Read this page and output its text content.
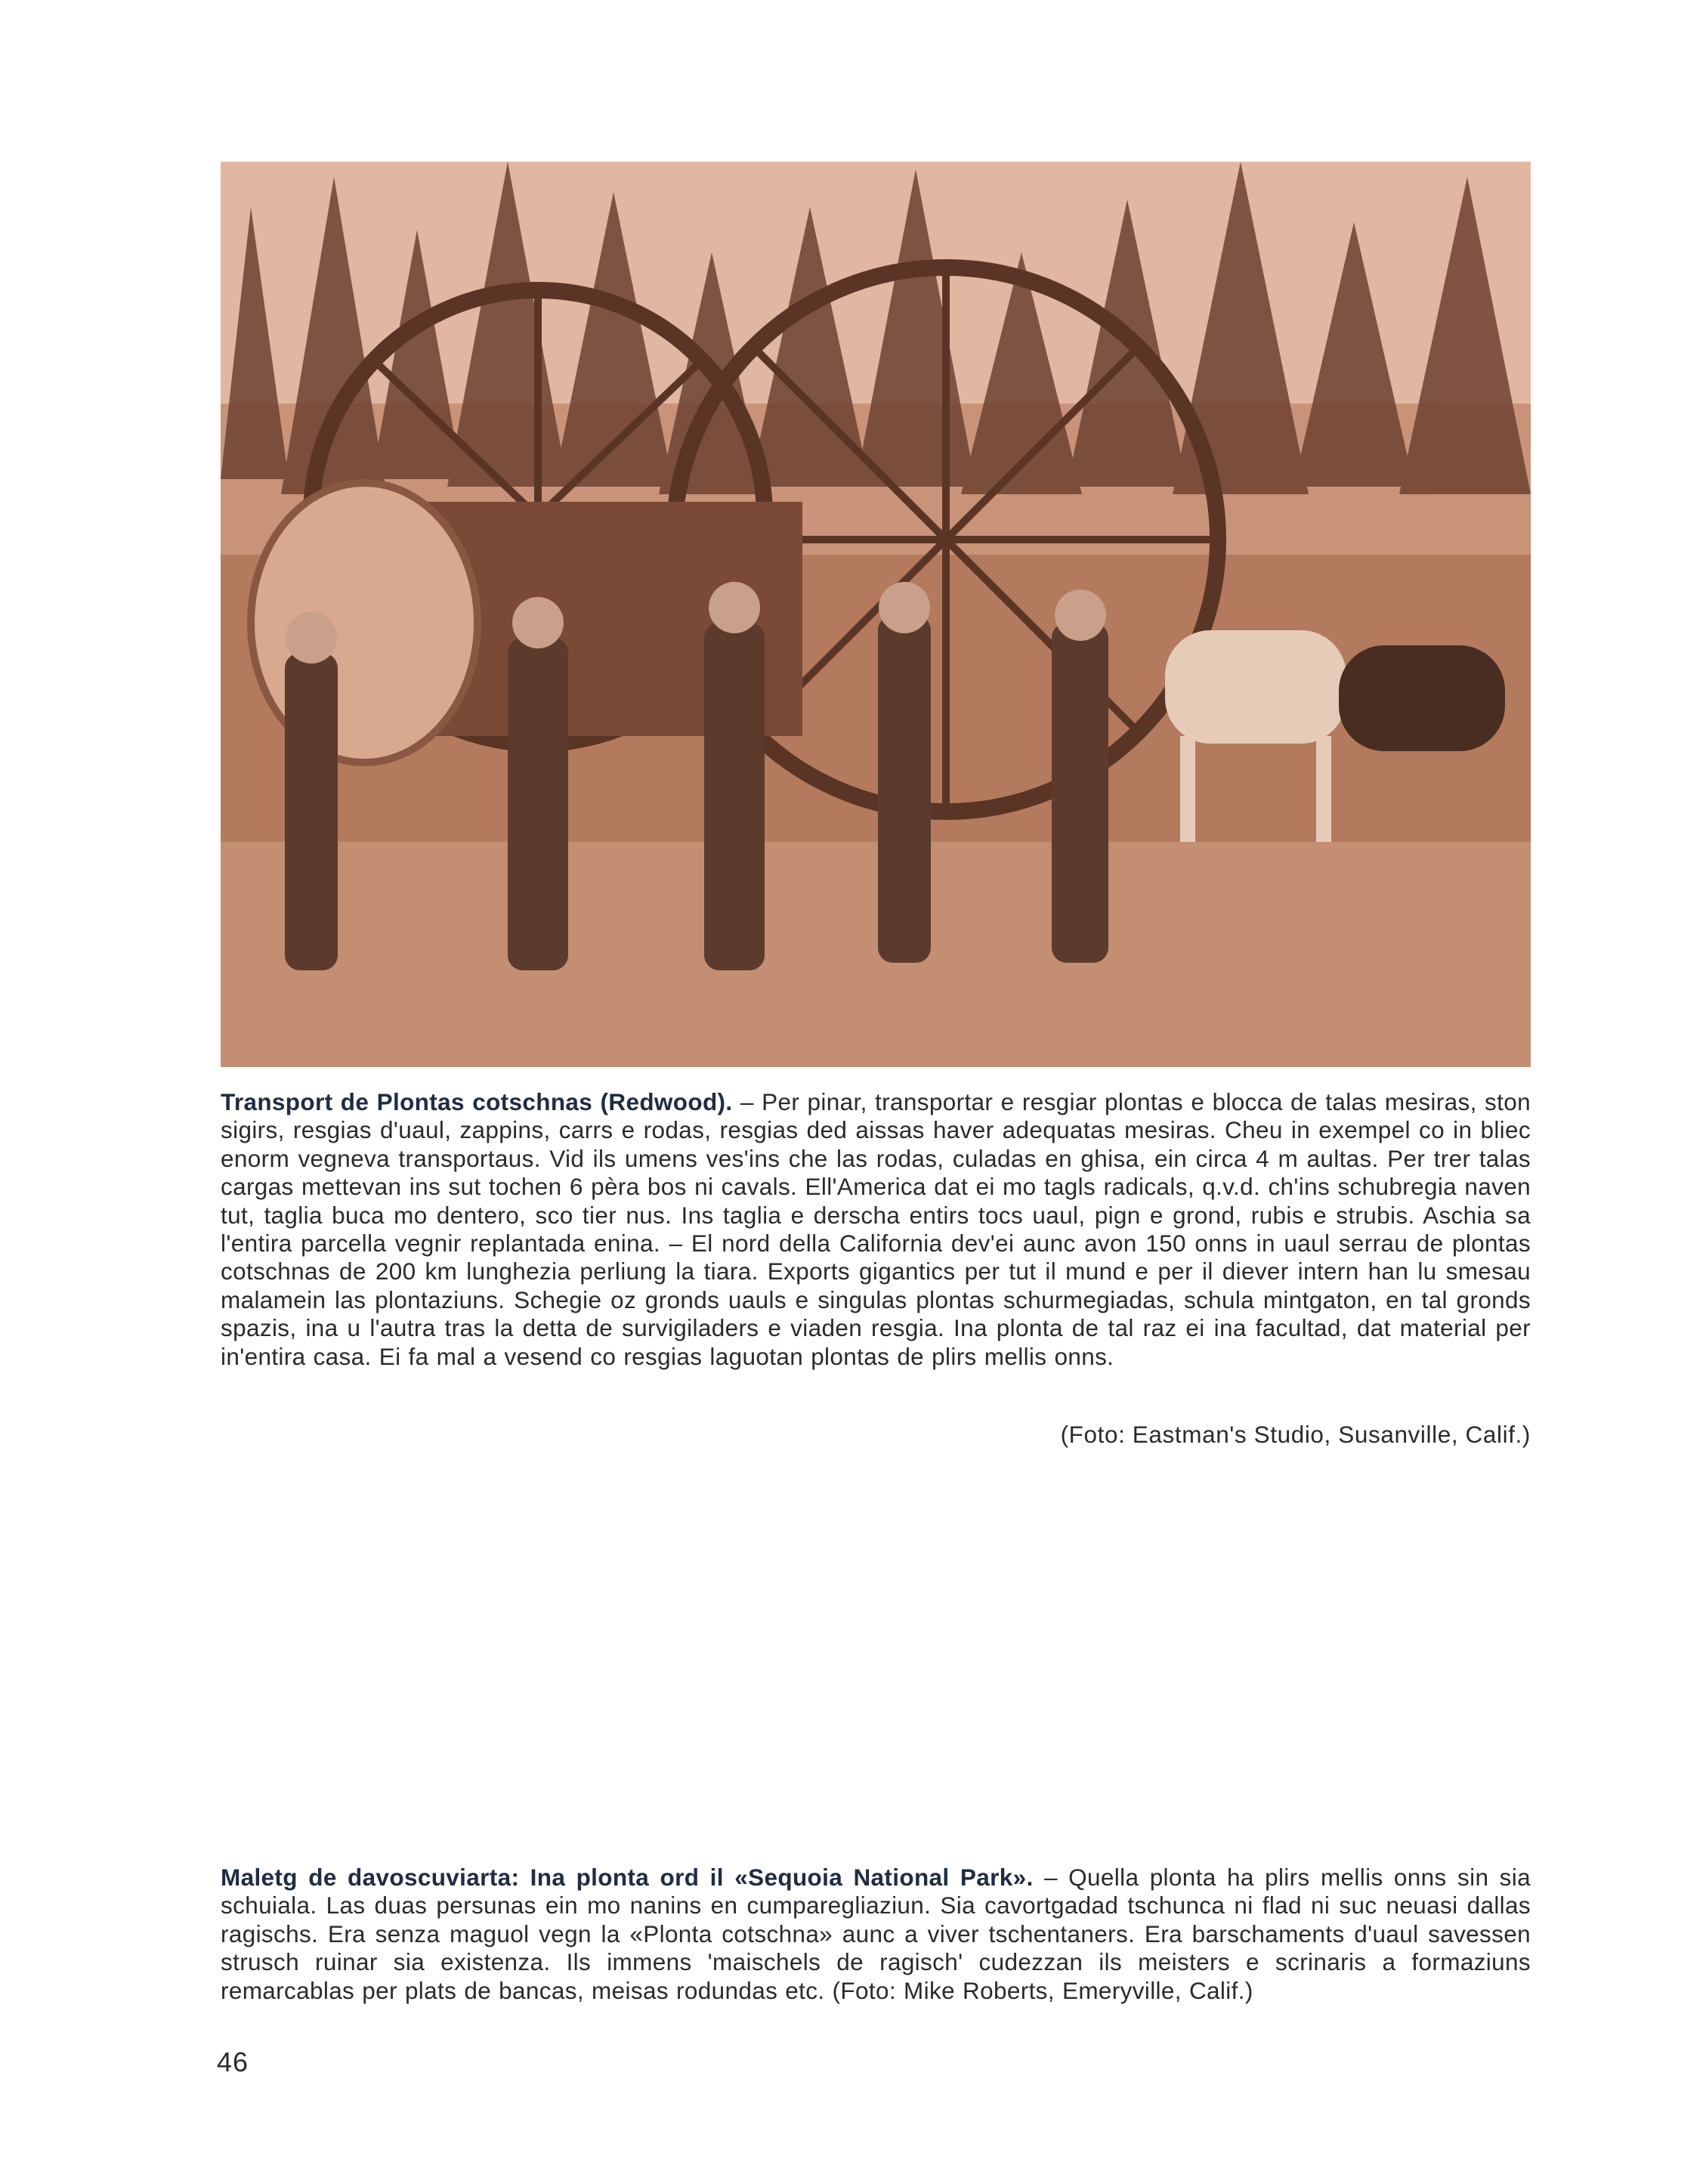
Transport de Plontas cotschnas (Redwood). – Per pinar, transportar e resgiar plontas e blocca de talas mesiras, ston sigirs, resgias d'uaul, zappins, carrs e rodas, resgias ded aissas haver adequatas mesiras. Cheu in exempel co in bliec enorm vegneva transportaus. Vid ils umens ves'ins che las rodas, culadas en ghisa, ein circa 4 m aultas. Per trer talas cargas mettevan ins sut tochen 6 pèra bos ni cavals. Ell'America dat ei mo tagls radicals, q.v.d. ch'ins schubregia naven tut, taglia buca mo dentero, sco tier nus. Ins taglia e derscha entirs tocs uaul, pign e grond, rubis e strubis. Aschia sa l'entira parcella vegnir replantada enina. – El nord della California dev'ei aunc avon 150 onns in uaul serrau de plontas cotschnas de 200 km lunghezia perliung la tiara. Exports gigantics per tut il mund e per il diever intern han lu smesau malamein las plontaziuns. Schegie oz gronds uauls e singulas plontas schurmegiadas, schula mintgaton, en tal gronds spazis, ina u l'autra tras la detta de survigiladers e viaden resgia. Ina plonta de tal raz ei ina facultad, dat material per in'entira casa. Ei fa mal a vesend co resgias laguotan plontas de plirs mellis onns.
(Foto: Eastman's Studio, Susanville, Calif.)
Maletg de davoscuviarta: Ina plonta ord il «Sequoia National Park». – Quella plonta ha plirs mellis onns sin sia schuiala. Las duas persunas ein mo nanins en cumparegliaziun. Sia cavortgadad tschunca ni flad ni suc neuasi dallas ragischs. Era senza maguol vegn la «Plonta cotschna» aunc a viver tschentaners. Era barschaments d'uaul savessen strusch ruinar sia existenza. Ils immens 'maischels de ragisch' cudezzan ils meisters e scrinaris a formaziuns remarcablas per plats de bancas, meisas rodundas etc. (Foto: Mike Roberts, Emeryville, Calif.)
46
